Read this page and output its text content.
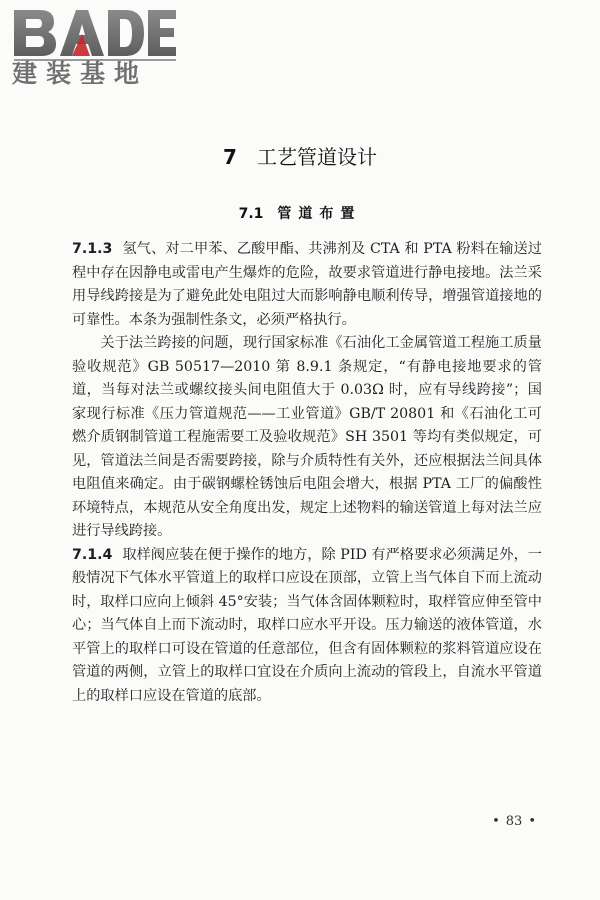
建装基地
7 工艺管道设计
7.1 管道布置

7.1.3 氢气、对二甲苯、乙酸甲酯、共沸剂及 CTA 和 PTA 粉料在输送过程中存在因静电或雷电产生爆炸的危险，故要求管道进行静电接地。法兰采用导线跨接是为了避免此处电阻过大而影响静电顺利传导，增强管道接地的可靠性。本条为强制性条文，必须严格执行。

关于法兰跨接的问题，现行国家标准《石油化工金属管道工程施工质量验收规范》GB 50517—2010 第 8.9.1 条规定，“有静电接地要求的管道，当每对法兰或螺纹接头间电阻值大于 0.03Ω 时，应有导线跨接”；国家现行标准《压力管道规范——工业管道》GB/T 20801 和《石油化工可燃介质钢制管道工程施需要工及验收规范》SH 3501 等均有类似规定，可见，管道法兰间是否需要跨接，除与介质特性有关外，还应根据法兰间具体电阻值来确定。由于碳钢螺栓锈蚀后电阻会增大，根据 PTA 工厂的偏酸性环境特点，本规范从安全角度出发，规定上述物料的输送管道上每对法兰应进行导线跨接。

7.1.4 取样阀应装在便于操作的地方，除 PID 有严格要求必须满足外，一般情况下气体水平管道上的取样口应设在顶部，立管上当气体自下而上流动时，取样口应向上倾斜 45°安装；当气体含固体颗粒时，取样管应伸至管中心；当气体自上而下流动时，取样口应水平开设。压力输送的液体管道，水平管上的取样口可设在管道的任意部位，但含有固体颗粒的浆料管道应设在管道的两侧，立管上的取样口宜设在介质向上流动的管段上，自流水平管道上的取样口应设在管道的底部。

• 83 •
